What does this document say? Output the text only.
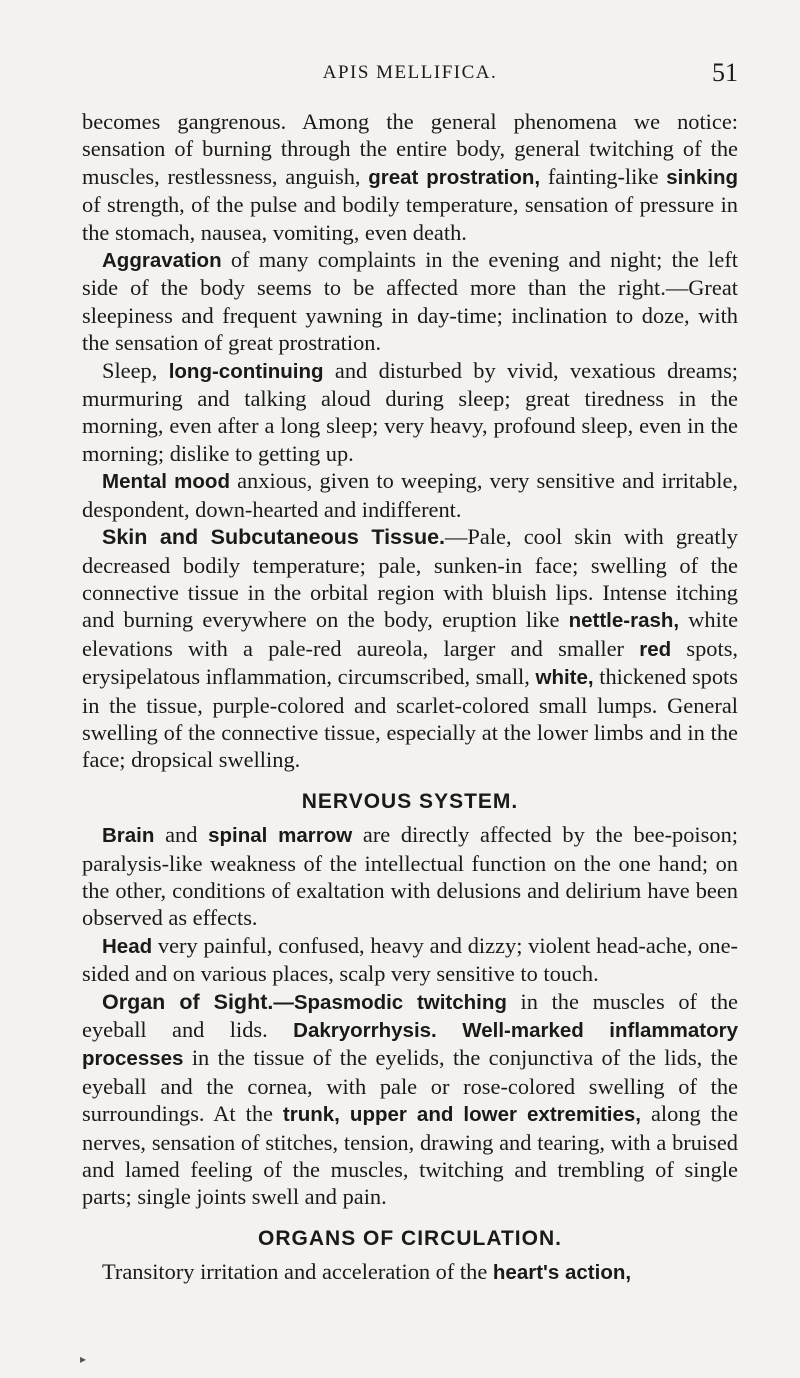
APIS MELLIFICA.	51

becomes gangrenous. Among the general phenomena we notice: sensation of burning through the entire body, general twitching of the muscles, restlessness, anguish, great prostration, fainting-like sinking of strength, of the pulse and bodily temperature, sensation of pressure in the stomach, nausea, vomiting, even death.

Aggravation of many complaints in the evening and night; the left side of the body seems to be affected more than the right.—Great sleepiness and frequent yawning in day-time; inclination to doze, with the sensation of great prostration.

Sleep, long-continuing and disturbed by vivid, vexatious dreams; murmuring and talking aloud during sleep; great tiredness in the morning, even after a long sleep; very heavy, profound sleep, even in the morning; dislike to getting up.

Mental mood anxious, given to weeping, very sensitive and irritable, despondent, down-hearted and indifferent.

Skin and Subcutaneous Tissue.—Pale, cool skin with greatly decreased bodily temperature; pale, sunken-in face; swelling of the connective tissue in the orbital region with bluish lips. Intense itching and burning everywhere on the body, eruption like nettle-rash, white elevations with a pale-red aureola, larger and smaller red spots, erysipelatous inflammation, circumscribed, small, white, thickened spots in the tissue, purple-colored and scarlet-colored small lumps. General swelling of the connective tissue, especially at the lower limbs and in the face; dropsical swelling.

NERVOUS SYSTEM.

Brain and spinal marrow are directly affected by the bee-poison; paralysis-like weakness of the intellectual function on the one hand; on the other, conditions of exaltation with delusions and delirium have been observed as effects.

Head very painful, confused, heavy and dizzy; violent head-ache, one-sided and on various places, scalp very sensitive to touch.

Organ of Sight.—Spasmodic twitching in the muscles of the eyeball and lids. Dakryorrhysis. Well-marked inflammatory processes in the tissue of the eyelids, the conjunctiva of the lids, the eyeball and the cornea, with pale or rose-colored swelling of the surroundings. At the trunk, upper and lower extremities, along the nerves, sensation of stitches, tension, drawing and tearing, with a bruised and lamed feeling of the muscles, twitching and trembling of single parts; single joints swell and pain.

ORGANS OF CIRCULATION.

Transitory irritation and acceleration of the heart's action,

▸
